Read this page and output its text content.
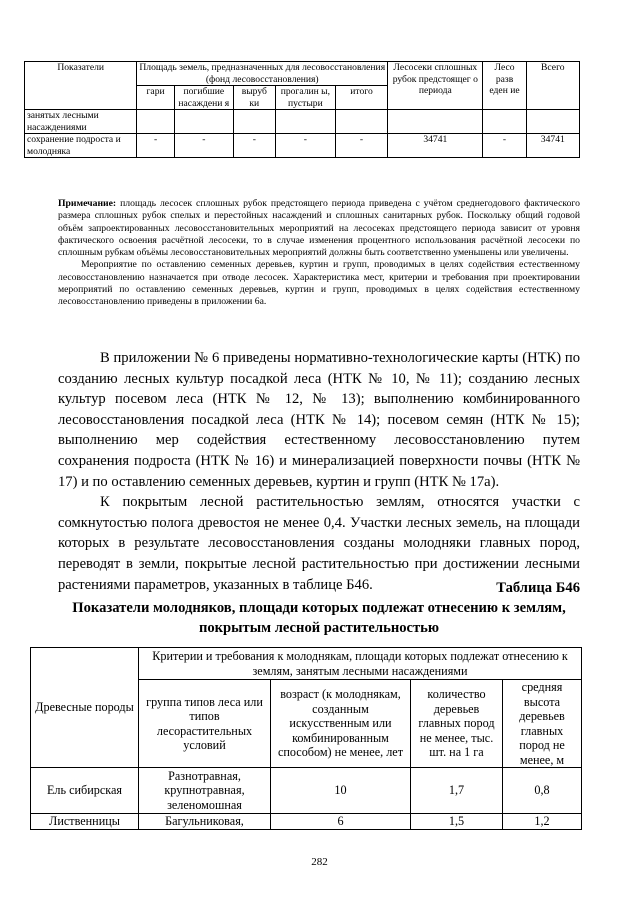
Показатели	Площадь земель, предназначенных для лесовосстановления (фонд лесовосстановления)					Лесосеки сплошных рубок предстоящег о периода	Лесо разв еден ие	Всего
	гари	погибшие насаждени я	выруб ки	прогалин ы, пустыри	итого			
занятых лесными насаждениями								
сохранение подроста и молодняка	-	-	-	-	-	34741	-	34741

Примечание: площадь лесосек сплошных рубок предстоящего периода приведена с учётом среднегодового фактического размера сплошных рубок спелых и перестойных насаждений и сплошных санитарных рубок. Поскольку общий годовой объём запроектированных лесовосстановительных мероприятий на лесосеках предстоящего периода зависит от уровня фактического освоения расчётной лесосеки, то в случае изменения процентного использования расчётной лесосеки по сплошным рубкам объёмы лесовосстановительных мероприятий должны быть соответственно уменьшены или увеличены.

Мероприятие по оставлению семенных деревьев, куртин и групп, проводимых в целях содействия естественному лесовосстановлению назначается при отводе лесосек. Характеристика мест, критерии и требования при проектировании мероприятий по оставлению семенных деревьев, куртин и групп, проводимых в целях содействия естественному лесовосстановлению приведены в приложении 6а.

В приложении № 6 приведены нормативно-технологические карты (НТК) по созданию лесных культур посадкой леса (НТК № 10, № 11); созданию лесных культур посевом леса (НТК № 12, № 13); выполнению комбинированного лесовосстановления посадкой леса (НТК № 14); посевом семян (НТК № 15); выполнению мер содействия естественному лесовосстановлению путем сохранения подроста (НТК № 16) и минерализацией поверхности почвы (НТК № 17) и по оставлению семенных деревьев, куртин и групп (НТК № 17а).

К покрытым лесной растительностью землям, относятся участки с сомкнутостью полога древостоя не менее 0,4. Участки лесных земель, на площади которых в результате лесовосстановления созданы молодняки главных пород, переводят в земли, покрытые лесной растительностью при достижении лесными растениями параметров, указанных в таблице Б46.	Таблица Б46
Показатели молодняков, площади которых подлежат отнесению к землям, покрытым лесной растительностью
Древесные породы	Критерии и требования к молоднякам, площади которых подлежат отнесению к землям, занятым лесными насаждениями			
	группа типов леса или типов лесорастительных условий	возраст (к молоднякам, созданным искусственным или комбинированным способом) не менее, лет	количество деревьев главных пород не менее, тыс. шт. на 1 га	средняя высота деревьев главных пород не менее, м
Ель сибирская	Разнотравная, крупнотравная, зеленомошная	10	1,7	0,8
Лиственницы	Багульниковая,	6	1,5	1,2
282
